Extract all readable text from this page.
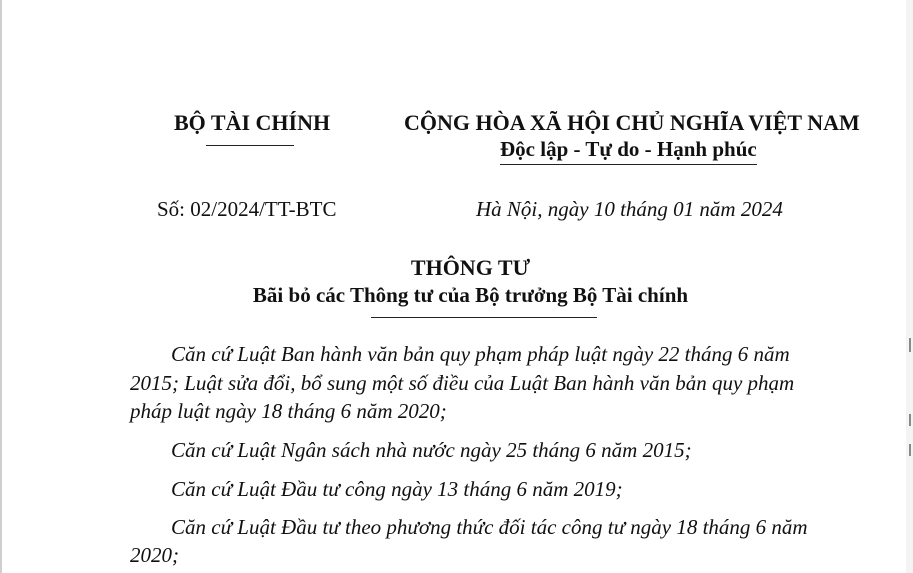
BỘ TÀI CHÍNH	CỘNG HÒA XÃ HỘI CHỦ NGHĨA VIỆT NAM
Độc lập - Tự do - Hạnh phúc
Số: 02/2024/TT-BTC	Hà Nội, ngày 10 tháng 01 năm 2024
THÔNG TƯ
Bãi bỏ các Thông tư của Bộ trưởng Bộ Tài chính
Căn cứ Luật Ban hành văn bản quy phạm pháp luật ngày 22 tháng 6 năm
2015; Luật sửa đổi, bổ sung một số điều của Luật Ban hành văn bản quy phạm
pháp luật ngày 18 tháng 6 năm 2020;
Căn cứ Luật Ngân sách nhà nước ngày 25 tháng 6 năm 2015;
Căn cứ Luật Đầu tư công ngày 13 tháng 6 năm 2019;
Căn cứ Luật Đầu tư theo phương thức đối tác công tư ngày 18 tháng 6 năm
2020;
